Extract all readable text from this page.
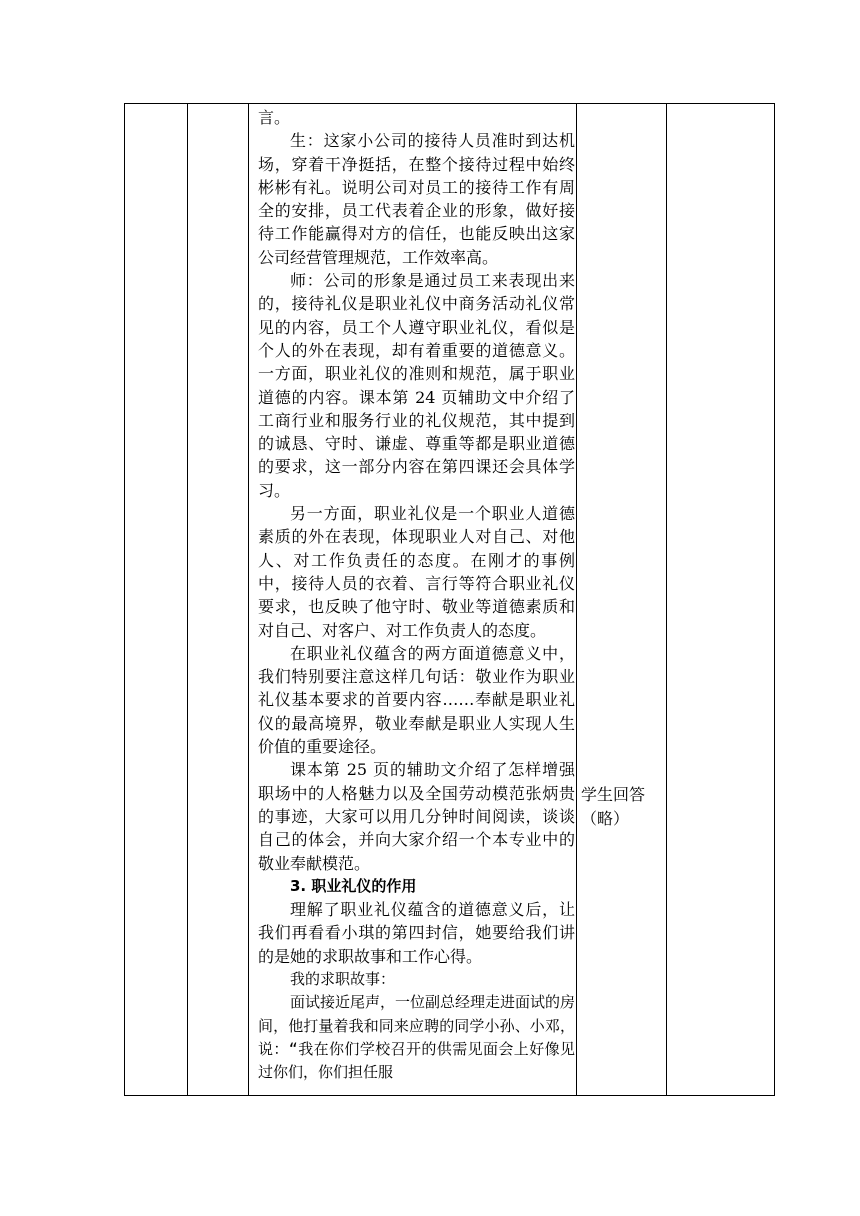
言。

生：这家小公司的接待人员准时到达机场，穿着干净挺括，在整个接待过程中始终彬彬有礼。说明公司对员工的接待工作有周全的安排，员工代表着企业的形象，做好接待工作能赢得对方的信任，也能反映出这家公司经营管理规范，工作效率高。

师：公司的形象是通过员工来表现出来的，接待礼仪是职业礼仪中商务活动礼仪常见的内容，员工个人遵守职业礼仪，看似是个人的外在表现，却有着重要的道德意义。一方面，职业礼仪的准则和规范，属于职业道德的内容。课本第 24 页辅助文中介绍了工商行业和服务行业的礼仪规范，其中提到的诚恳、守时、谦虚、尊重等都是职业道德的要求，这一部分内容在第四课还会具体学习。

另一方面，职业礼仪是一个职业人道德素质的外在表现，体现职业人对自己、对他人、对工作负责任的态度。在刚才的事例中，接待人员的衣着、言行等符合职业礼仪要求，也反映了他守时、敬业等道德素质和对自己、对客户、对工作负责人的态度。

在职业礼仪蕴含的两方面道德意义中，我们特别要注意这样几句话：敬业作为职业礼仪基本要求的首要内容……奉献是职业礼仪的最高境界，敬业奉献是职业人实现人生价值的重要途径。

课本第 25 页的辅助文介绍了怎样增强职场中的人格魅力以及全国劳动模范张炳贵的事迹，大家可以用几分钟时间阅读，谈谈自己的体会，并向大家介绍一个本专业中的敬业奉献模范。

3. 职业礼仪的作用

理解了职业礼仪蕴含的道德意义后，让我们再看看小琪的第四封信，她要给我们讲的是她的求职故事和工作心得。

我的求职故事：

面试接近尾声，一位副总经理走进面试的房间，他打量着我和同来应聘的同学小孙、小邓，说：“我在你们学校召开的供需见面会上好像见过你们，你们担任服

学生回答
（略）
